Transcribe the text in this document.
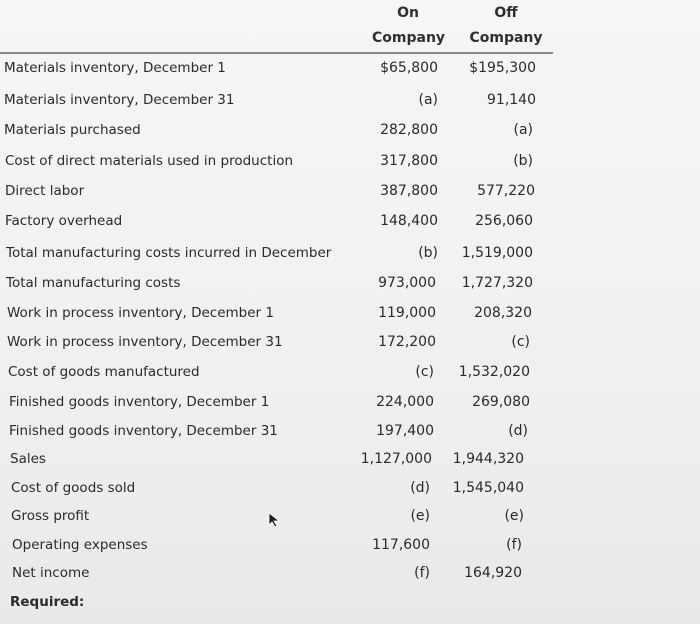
On
Company
Off
Company
Materials inventory, December 1	$65,800 $195,300
Materials inventory, December 31	(a)	91,140
Materials purchased	282,800	(a)
Cost of direct materials used in production	317,800	(b)
Direct labor	387,800	577,220
Factory overhead	148,400	256,060
Total manufacturing costs incurred in December	(b) 1,519,000
Total manufacturing costs	973,000 1,727,320
Work in process inventory, December 1	119,000	208,320
Work in process inventory, December 31	172,200	(c)
Cost of goods manufactured	(c) 1,532,020
Finished goods inventory, December 1	224,000	269,080
Finished goods inventory, December 31	197,400	(d)
Sales	1,127,000 1,944,320
Cost of goods sold	(d) 1,545,040
Gross profit	(e)	(e)
Operating expenses	117,600	(f)
Net income	(f) 164,920
Required:
